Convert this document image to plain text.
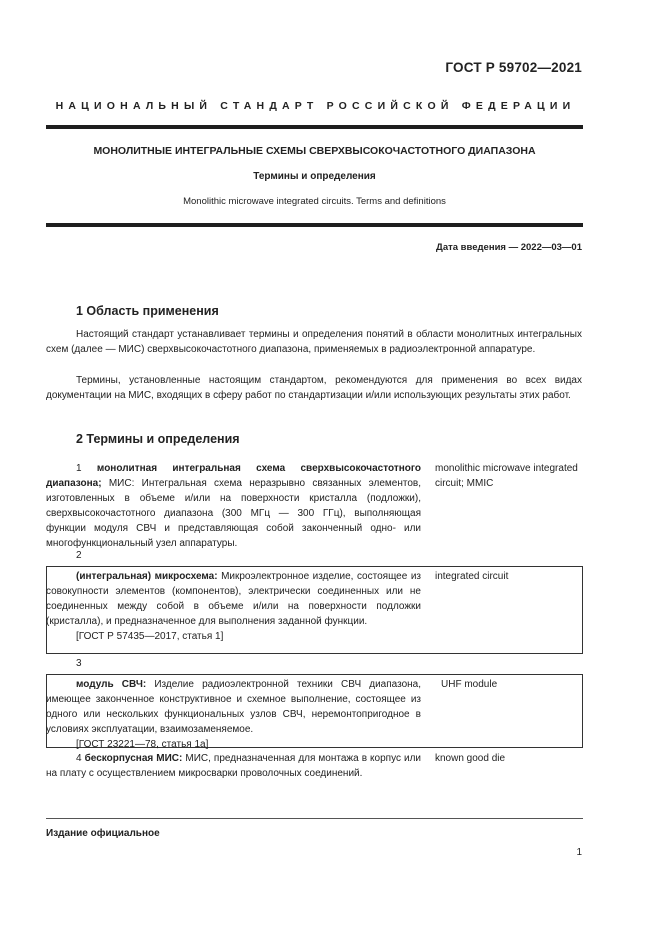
ГОСТ Р 59702—2021
НАЦИОНАЛЬНЫЙ СТАНДАРТ РОССИЙСКОЙ ФЕДЕРАЦИИ
МОНОЛИТНЫЕ ИНТЕГРАЛЬНЫЕ СХЕМЫ СВЕРХВЫСОКОЧАСТОТНОГО ДИАПАЗОНА
Термины и определения
Monolithic microwave integrated circuits. Terms and definitions
Дата введения — 2022—03—01
1 Область применения
Настоящий стандарт устанавливает термины и определения понятий в области монолитных интегральных схем (далее — МИС) сверхвысокочастотного диапазона, применяемых в радиоэлектронной аппаратуре.
Термины, установленные настоящим стандартом, рекомендуются для применения во всех видах документации на МИС, входящих в сферу работ по стандартизации и/или использующих результаты этих работ.
2 Термины и определения
1 монолитная интегральная схема сверхвысокочастотного диапазона; МИС: Интегральная схема неразрывно связанных элементов, изготовленных в объеме и/или на поверхности кристалла (подложки), сверхвысокочастотного диапазона (300 МГц — 300 ГГц), выполняющая функции модуля СВЧ и представляющая собой законченный одно- или многофункциональный узел аппаратуры.
monolithic microwave integrated circuit; MMIC
2
(интегральная) микросхема: Микроэлектронное изделие, состоящее из совокупности элементов (компонентов), электрически соединенных или не соединенных между собой в объеме и/или на поверхности подложки (кристалла), и предназначенное для выполнения заданной функции.
[ГОСТ Р 57435—2017, статья 1]
integrated circuit
3
модуль СВЧ: Изделие радиоэлектронной техники СВЧ диапазона, имеющее законченное конструктивное и схемное выполнение, состоящее из одного или нескольких функциональных узлов СВЧ, неремонтопригодное в условиях эксплуатации, взаимозаменяемое.
[ГОСТ 23221—78, статья 1а]
UHF module
4 бескорпусная МИС: МИС, предназначенная для монтажа в корпус или на плату с осуществлением микросварки проволочных соединений.
known good die
Издание официальное
1
